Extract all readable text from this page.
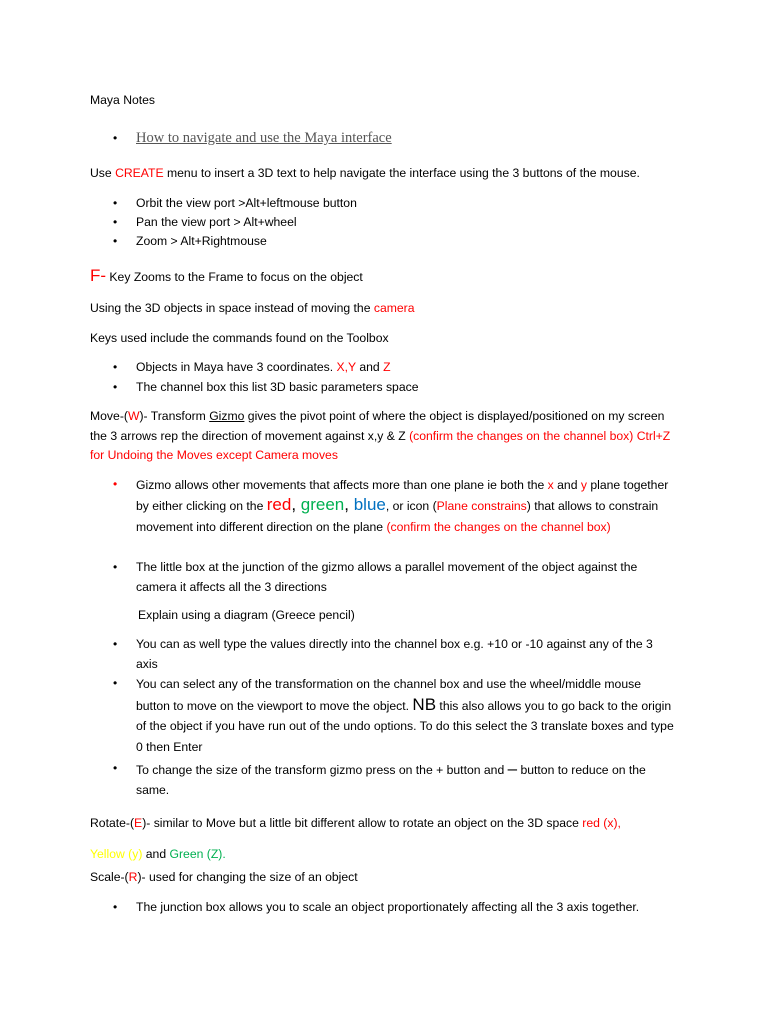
Maya Notes
• How to navigate and use the Maya interface
Use CREATE menu to insert a 3D text to help navigate the interface using the 3 buttons of the mouse.
• Orbit the view port >Alt+leftmouse button
• Pan the view port > Alt+wheel
• Zoom > Alt+Rightmouse
F- Key Zooms to the Frame to focus on the object
Using the 3D objects in space instead of moving the camera
Keys used include the commands found on the Toolbox
• Objects in Maya have 3 coordinates. X,Y and Z
• The channel box this list 3D basic parameters space
Move-(W)- Transform Gizmo gives the pivot point of where the object is displayed/positioned on my screen the 3 arrows rep the direction of movement against x,y & Z (confirm the changes on the channel box) Ctrl+Z for Undoing the Moves except Camera moves
• Gizmo allows other movements that affects more than one plane ie both the x and y plane together by either clicking on the red, green, blue, or icon (Plane constrains) that allows to constrain movement into different direction on the plane (confirm the changes on the channel box)
• The little box at the junction of the gizmo allows a parallel movement of the object against the camera it affects all the 3 directions
Explain using a diagram (Greece pencil)
• You can as well type the values directly into the channel box e.g. +10 or -10 against any of the 3 axis
• You can select any of the transformation on the channel box and use the wheel/middle mouse button to move on the viewport to move the object. NB this also allows you to go back to the origin of the object if you have run out of the undo options. To do this select the 3 translate boxes and type 0 then Enter
• To change the size of the transform gizmo press on the + button and – button to reduce on the same.
Rotate-(E)- similar to Move but a little bit different allow to rotate an object on the 3D space red (x),
Yellow (y) and Green (Z).
Scale-(R)- used for changing the size of an object
• The junction box allows you to scale an object proportionately affecting all the 3 axis together.
